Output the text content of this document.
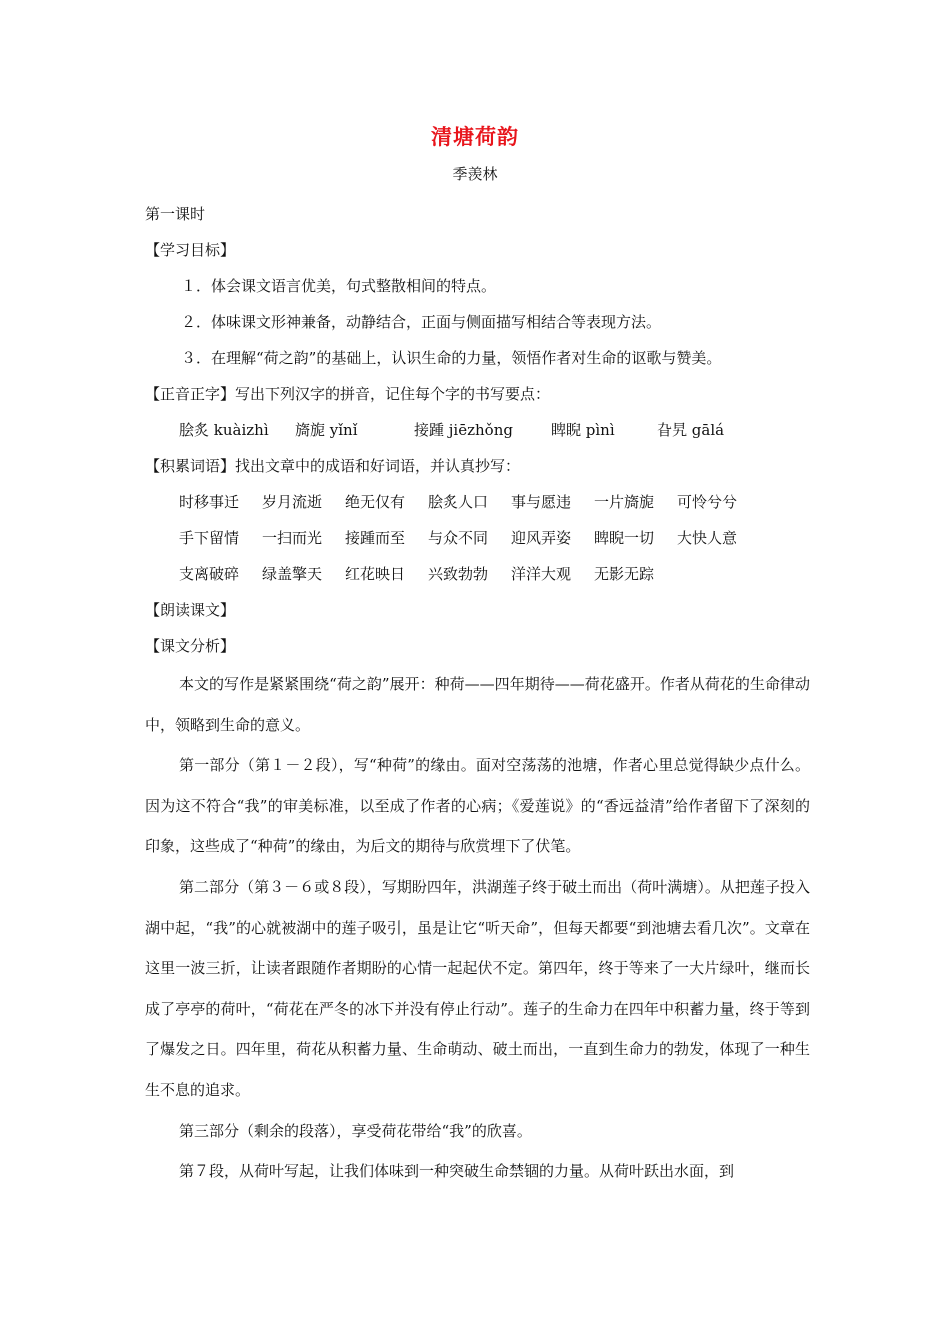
清塘荷韵
季羡林
第一课时
【学习目标】
１．体会课文语言优美，句式整散相间的特点。
２．体味课文形神兼备，动静结合，正面与侧面描写相结合等表现方法。
３．在理解“荷之韵”的基础上，认识生命的力量，领悟作者对生命的讴歌与赞美。
【正音正字】写出下列汉字的拼音，记住每个字的书写要点：
脍炙 kuàizhì	旖旎 yǐnǐ	接踵 jiēzhǒng	睥睨 pìnì	旮旯 gālá
【积累词语】找出文章中的成语和好词语，并认真抄写：
时移事迁	岁月流逝	绝无仅有	脍炙人口	事与愿违	一片旖旎	可怜兮兮
手下留情	一扫而光	接踵而至	与众不同	迎风弄姿	睥睨一切	大快人意
支离破碎	绿盖擎天	红花映日	兴致勃勃	洋洋大观	无影无踪
【朗读课文】
【课文分析】

本文的写作是紧紧围绕“荷之韵”展开：种荷——四年期待——荷花盛开。作者从荷花的生命律动中，领略到生命的意义。

第一部分（第１－２段），写“种荷”的缘由。面对空荡荡的池塘，作者心里总觉得缺少点什么。因为这不符合“我”的审美标准，以至成了作者的心病；《爱莲说》的“香远益清”给作者留下了深刻的印象，这些成了“种荷”的缘由，为后文的期待与欣赏埋下了伏笔。

第二部分（第３－６或８段），写期盼四年，洪湖莲子终于破土而出（荷叶满塘）。从把莲子投入湖中起，“我”的心就被湖中的莲子吸引，虽是让它“听天命”，但每天都要“到池塘去看几次”。文章在这里一波三折，让读者跟随作者期盼的心情一起起伏不定。第四年，终于等来了一大片绿叶，继而长成了亭亭的荷叶，“荷花在严冬的冰下并没有停止行动”。莲子的生命力在四年中积蓄力量，终于等到了爆发之日。四年里，荷花从积蓄力量、生命萌动、破土而出，一直到生命力的勃发，体现了一种生生不息的追求。

第三部分（剩余的段落），享受荷花带给“我”的欣喜。

第７段，从荷叶写起，让我们体味到一种突破生命禁锢的力量。从荷叶跃出水面，到
